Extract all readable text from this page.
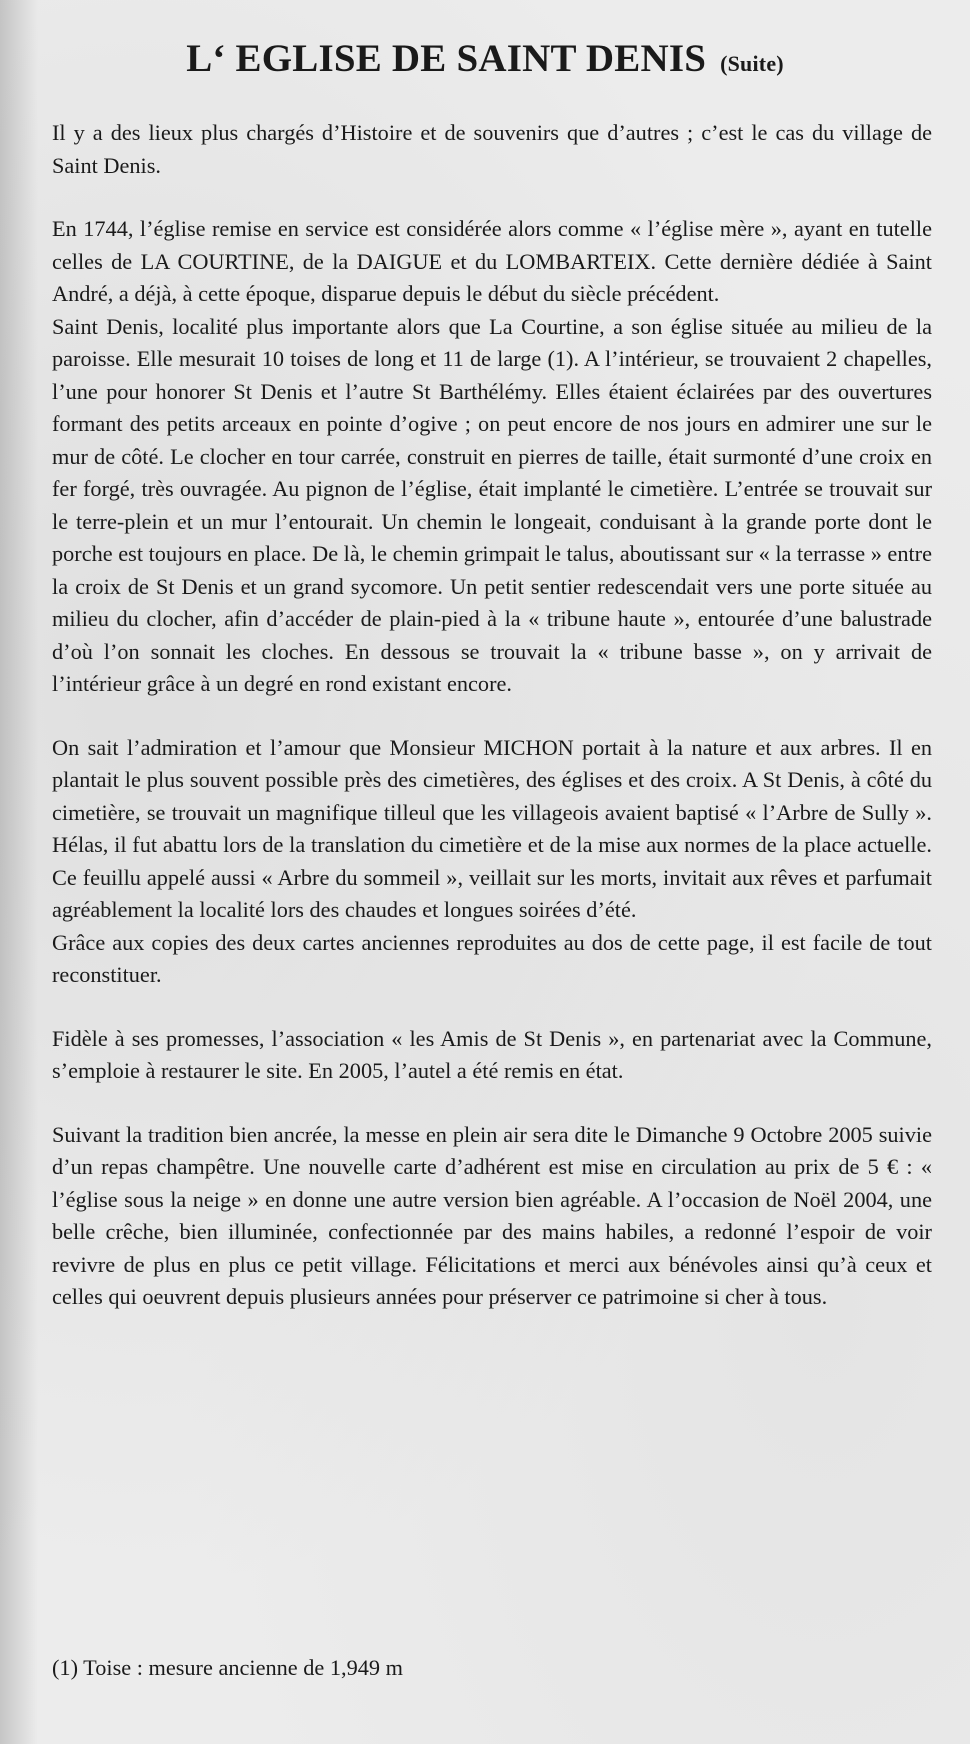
L‘ EGLISE DE SAINT DENIS (Suite)

Il y a des lieux plus chargés d’Histoire et de souvenirs que d’autres ; c’est le cas du village de Saint Denis.

En 1744, l’église remise en service est considérée alors comme « l’église mère », ayant en tutelle celles de LA COURTINE, de la DAIGUE et du LOMBARTEIX. Cette dernière dédiée à Saint André, a déjà, à cette époque, disparue depuis le début du siècle précédent.

Saint Denis, localité plus importante alors que La Courtine, a son église située au milieu de la paroisse. Elle mesurait 10 toises de long et 11 de large (1). A l’intérieur, se trouvaient 2 chapelles, l’une pour honorer St Denis et l’autre St Barthélémy. Elles étaient éclairées par des ouvertures formant des petits arceaux en pointe d’ogive ; on peut encore de nos jours en admirer une sur le mur de côté. Le clocher en tour carrée, construit en pierres de taille, était surmonté d’une croix en fer forgé, très ouvragée. Au pignon de l’église, était implanté le cimetière. L’entrée se trouvait sur le terre-plein et un mur l’entourait. Un chemin le longeait, conduisant à la grande porte dont le porche est toujours en place. De là, le chemin grimpait le talus, aboutissant sur « la terrasse » entre la croix de St Denis et un grand sycomore. Un petit sentier redescendait vers une porte située au milieu du clocher, afin d’accéder de plain-pied à la « tribune haute », entourée d’une balustrade d’où l’on sonnait les cloches. En dessous se trouvait la « tribune basse », on y arrivait de l’intérieur grâce à un degré en rond existant encore.

On sait l’admiration et l’amour que Monsieur MICHON portait à la nature et aux arbres. Il en plantait le plus souvent possible près des cimetières, des églises et des croix. A St Denis, à côté du cimetière, se trouvait un magnifique tilleul que les villageois avaient baptisé « l’Arbre de Sully ». Hélas, il fut abattu lors de la translation du cimetière et de la mise aux normes de la place actuelle. Ce feuillu appelé aussi « Arbre du sommeil », veillait sur les morts, invitait aux rêves et parfumait agréablement la localité lors des chaudes et longues soirées d’été.

Grâce aux copies des deux cartes anciennes reproduites au dos de cette page, il est facile de tout reconstituer.

Fidèle à ses promesses, l’association « les Amis de St Denis », en partenariat avec la Commune, s’emploie à restaurer le site. En 2005, l’autel a été remis en état.

Suivant la tradition bien ancrée, la messe en plein air sera dite le Dimanche 9 Octobre 2005 suivie d’un repas champêtre. Une nouvelle carte d’adhérent est mise en circulation au prix de 5 € : « l’église sous la neige » en donne une autre version bien agréable. A l’occasion de Noël 2004, une belle crêche, bien illuminée, confectionnée par des mains habiles, a redonné l’espoir de voir revivre de plus en plus ce petit village. Félicitations et merci aux bénévoles ainsi qu’à ceux et celles qui oeuvrent depuis plusieurs années pour préserver ce patrimoine si cher à tous.

(1) Toise : mesure ancienne de 1,949 m
